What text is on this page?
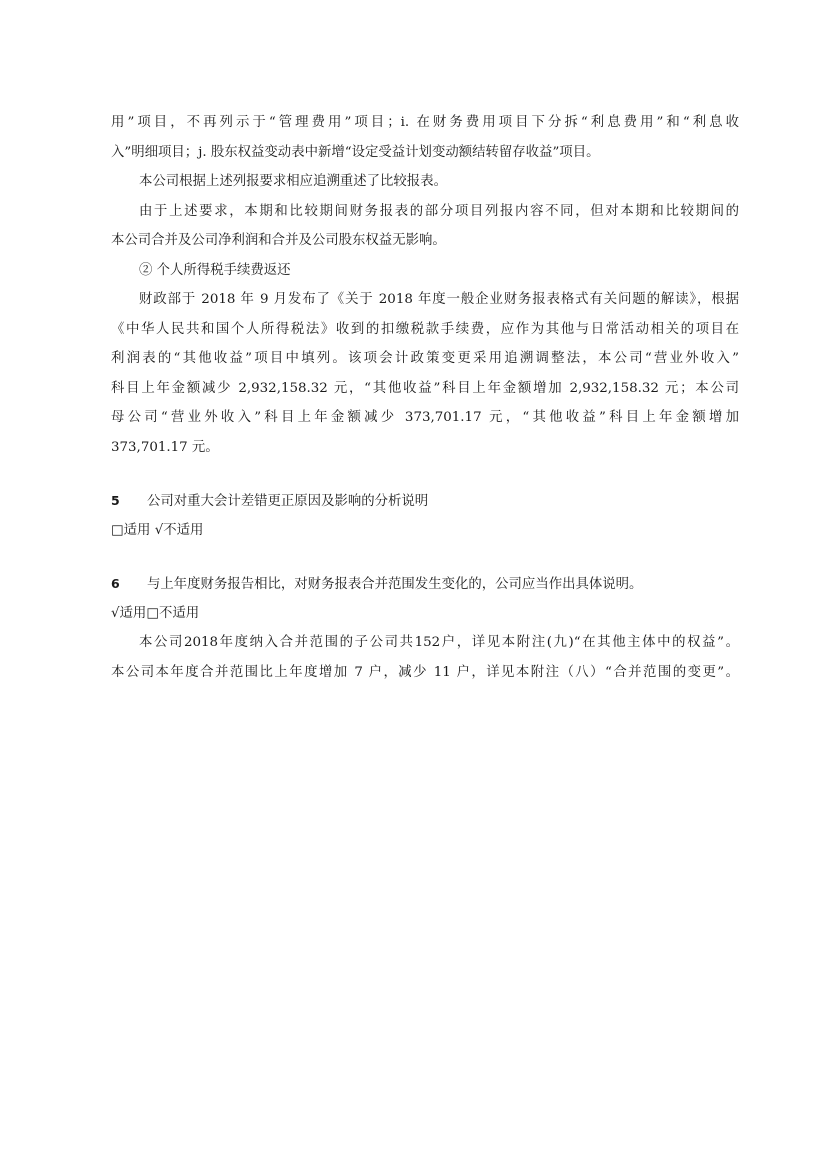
用”项目，不再列示于“管理费用”项目；i. 在财务费用项目下分拆“利息费用”和“利息收
入”明细项目；j. 股东权益变动表中新增“设定受益计划变动额结转留存收益”项目。
本公司根据上述列报要求相应追溯重述了比较报表。
由于上述要求，本期和比较期间财务报表的部分项目列报内容不同，但对本期和比较期间的
本公司合并及公司净利润和合并及公司股东权益无影响。
② 个人所得税手续费返还
财政部于 2018 年 9 月发布了《关于 2018 年度一般企业财务报表格式有关问题的解读》，根据
《中华人民共和国个人所得税法》收到的扣缴税款手续费，应作为其他与日常活动相关的项目在
利润表的“其他收益”项目中填列。该项会计政策变更采用追溯调整法，本公司“营业外收入”
科目上年金额减少 2,932,158.32 元，“其他收益”科目上年金额增加 2,932,158.32 元；本公司
母公司“营业外收入”科目上年金额减少 373,701.17 元，“其他收益”科目上年金额增加
373,701.17 元。
5 公司对重大会计差错更正原因及影响的分析说明
□适用 √不适用
6 与上年度财务报告相比，对财务报表合并范围发生变化的，公司应当作出具体说明。
√适用□不适用
本公司2018年度纳入合并范围的子公司共152户，详见本附注(九)“在其他主体中的权益”。
本公司本年度合并范围比上年度增加 7 户，减少 11 户，详见本附注（八）“合并范围的变更”。
